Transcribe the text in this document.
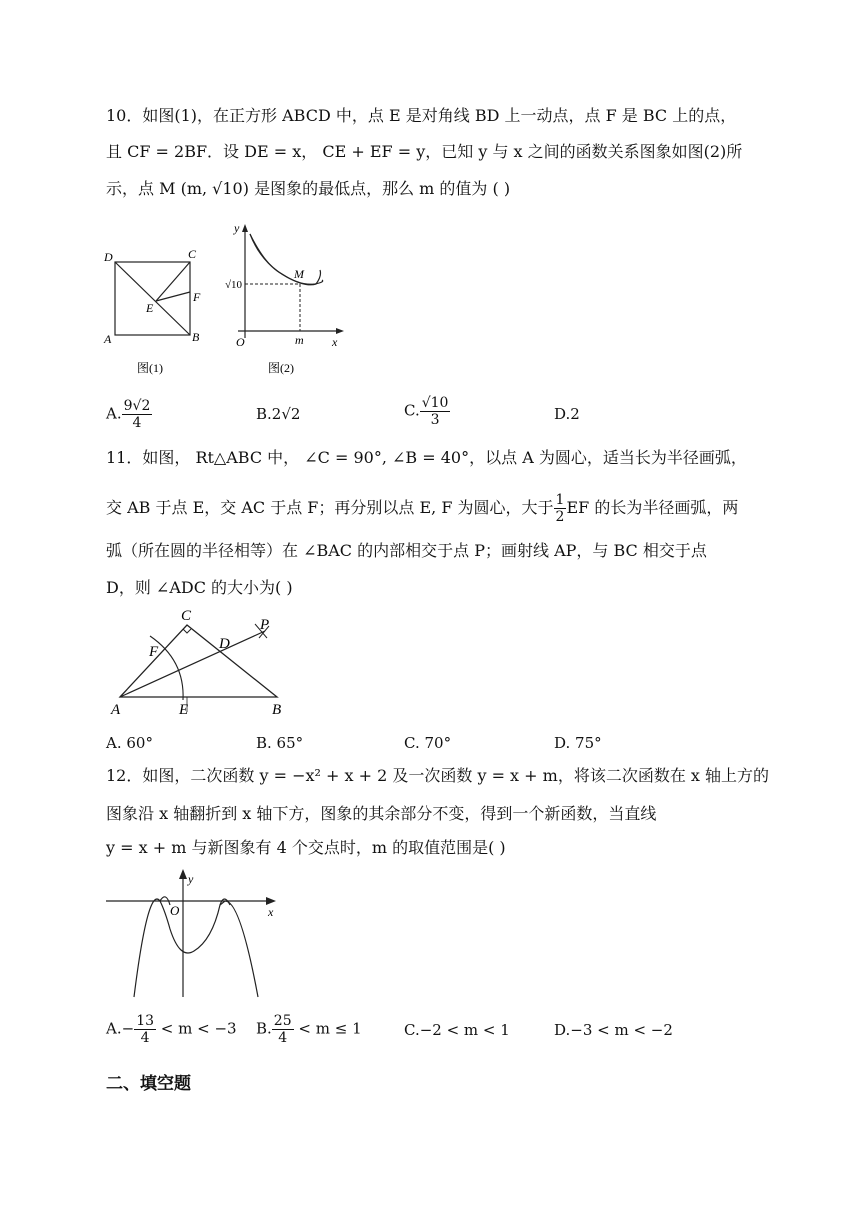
10．如图(1)，在正方形 ABCD 中，点 E 是对角线 BD 上一动点，点 F 是 BC 上的点，
且 CF = 2BF．设 DE = x， CE + EF = y，已知 y 与 x 之间的函数关系图象如图(2)所
示，点 M (m, √10) 是图象的最低点，那么 m 的值为 ( )
D	C
E
F
A	B
图(1)
y
M
√10
O	m x
图(2)
A. $\frac{9√2}{4}$	B.2√2	C. $\frac{√10}{3}$	D.2
11．如图， Rt△ABC 中， ∠C = 90°, ∠B = 40°，以点 A 为圆心，适当长为半径画弧，
交 AB 于点 E，交 AC 于点 F；再分别以点 E, F 为圆心，大于 $\frac{1}{2}$ EF 的长为半径画弧，两
弧（所在圆的半径相等）在 ∠BAC 的内部相交于点 P；画射线 AP，与 BC 相交于点
D，则 ∠ADC 的大小为( )
C
P
F	D
A	E	B
A. 60°	B. 65°	C. 70°	D. 75°
12．如图，二次函数 y = −x² + x + 2 及一次函数 y = x + m，将该二次函数在 x 轴上方的
图象沿 x 轴翻折到 x 轴下方，图象的其余部分不变，得到一个新函数，当直线
y = x + m 与新图象有 4 个交点时，m 的取值范围是( )
y
O	x
$A.- \frac{13}{4} < m < -3$ B. $\frac{25}{4} < m \le 1$	C.−2 < m < 1	D.−3 < m < −2
二、填空题
